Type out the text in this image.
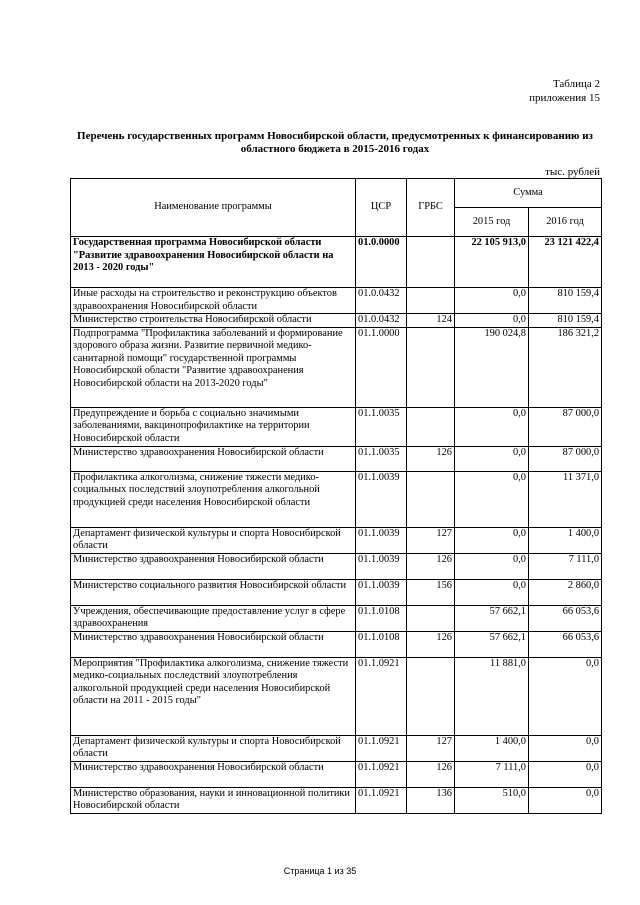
Таблица 2
приложения 15
Перечень государственных программ Новосибирской области, предусмотренных к финансированию из областного бюджета в 2015-2016 годах
тыс. рублей
Наименование программы	ЦСР	ГРБС	Сумма	
			2015 год	2016 год
Государственная программа Новосибирской области "Развитие здравоохранения Новосибирской области на 2013 - 2020 годы"	01.0.0000		22 105 913,0	23 121 422,4
Иные расходы на строительство и реконструкцию объектов здравоохранения Новосибирской области	01.0.0432		0,0	810 159,4
Министерство строительства Новосибирской области	01.0.0432	124	0,0	810 159,4
Подпрограмма "Профилактика заболеваний и формирование здорового образа жизни. Развитие первичной медико-санитарной помощи" государственной программы Новосибирской области "Развитие здравоохранения Новосибирской области на 2013-2020 годы"	01.1.0000		190 024,8	186 321,2
Предупреждение и борьба с социально значимыми заболеваниями, вакцинопрофилактике на территории Новосибирской области	01.1.0035		0,0	87 000,0
Министерство здравоохранения Новосибирской области	01.1.0035	126	0,0	87 000,0
Профилактика алкоголизма, снижение тяжести медико-социальных последствий злоупотребления алкогольной продукцией среди населения Новосибирской области	01.1.0039		0,0	11 371,0
Департамент физической культуры и спорта Новосибирской области	01.1.0039	127	0,0	1 400,0
Министерство здравоохранения Новосибирской области	01.1.0039	126	0,0	7 111,0
Министерство социального развития Новосибирской области	01.1.0039	156	0,0	2 860,0
Учреждения, обеспечивающие предоставление услуг в сфере здравоохранения	01.1.0108		57 662,1	66 053,6
Министерство здравоохранения Новосибирской области	01.1.0108	126	57 662,1	66 053,6
Мероприятия "Профилактика алкоголизма, снижение тяжести медико-социальных последствий злоупотребления алкогольной продукцией среди населения Новосибирской области на 2011 - 2015 годы"	01.1.0921		11 881,0	0,0
Департамент физической культуры и спорта Новосибирской области	01.1.0921	127	1 400,0	0,0
Министерство здравоохранения Новосибирской области	01.1.0921	126	7 111,0	0,0
Министерство образования, науки и инновационной политики Новосибирской области	01.1.0921	136	510,0	0,0
Страница 1 из 35
